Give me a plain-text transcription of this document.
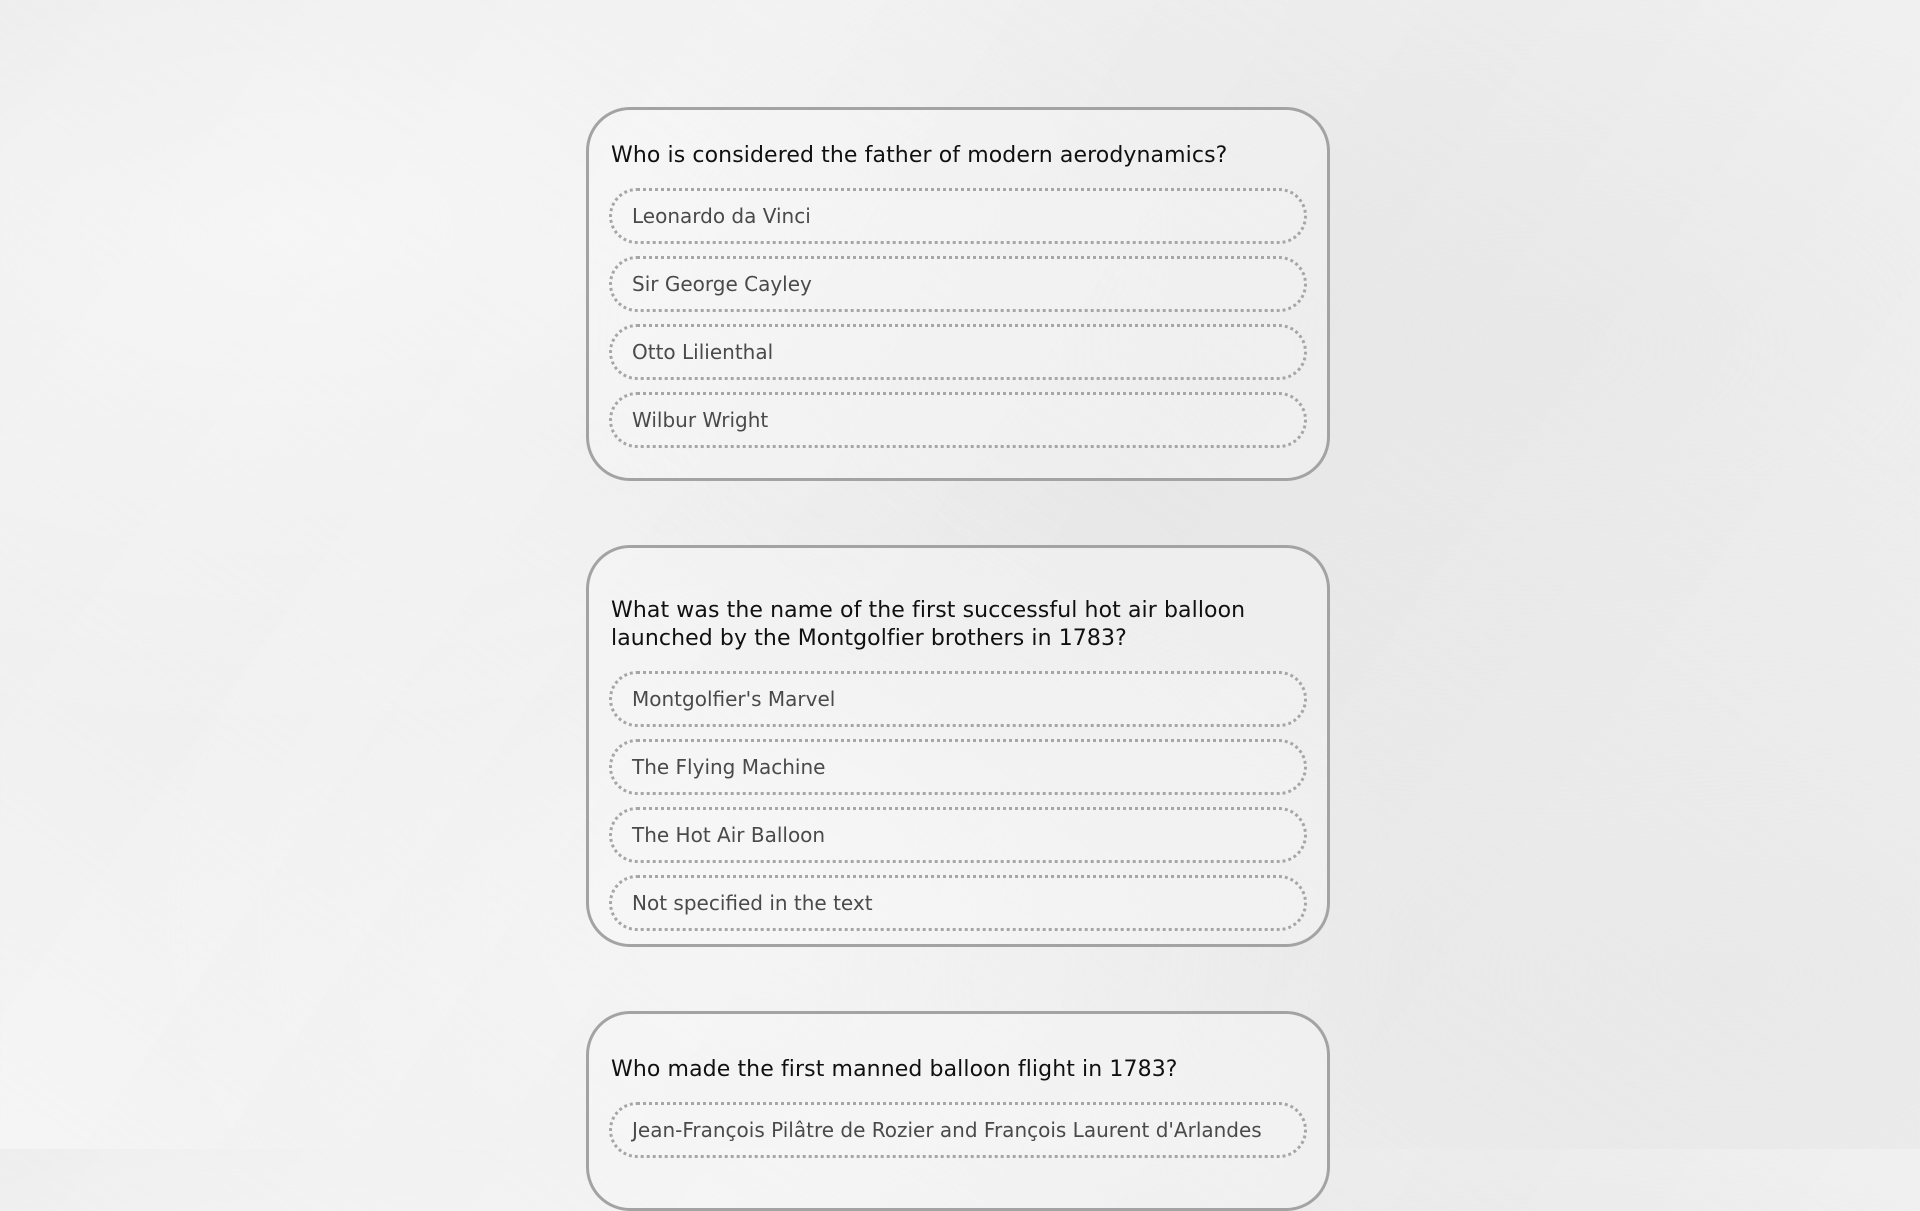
Who is considered the father of modern aerodynamics?
Leonardo da Vinci
Sir George Cayley
Otto Lilienthal
Wilbur Wright
What was the name of the first successful hot air balloon launched by the Montgolfier brothers in 1783?
Montgolfier's Marvel
The Flying Machine
The Hot Air Balloon
Not specified in the text
Who made the first manned balloon flight in 1783?
Jean-François Pilâtre de Rozier and François Laurent d'Arlandes
